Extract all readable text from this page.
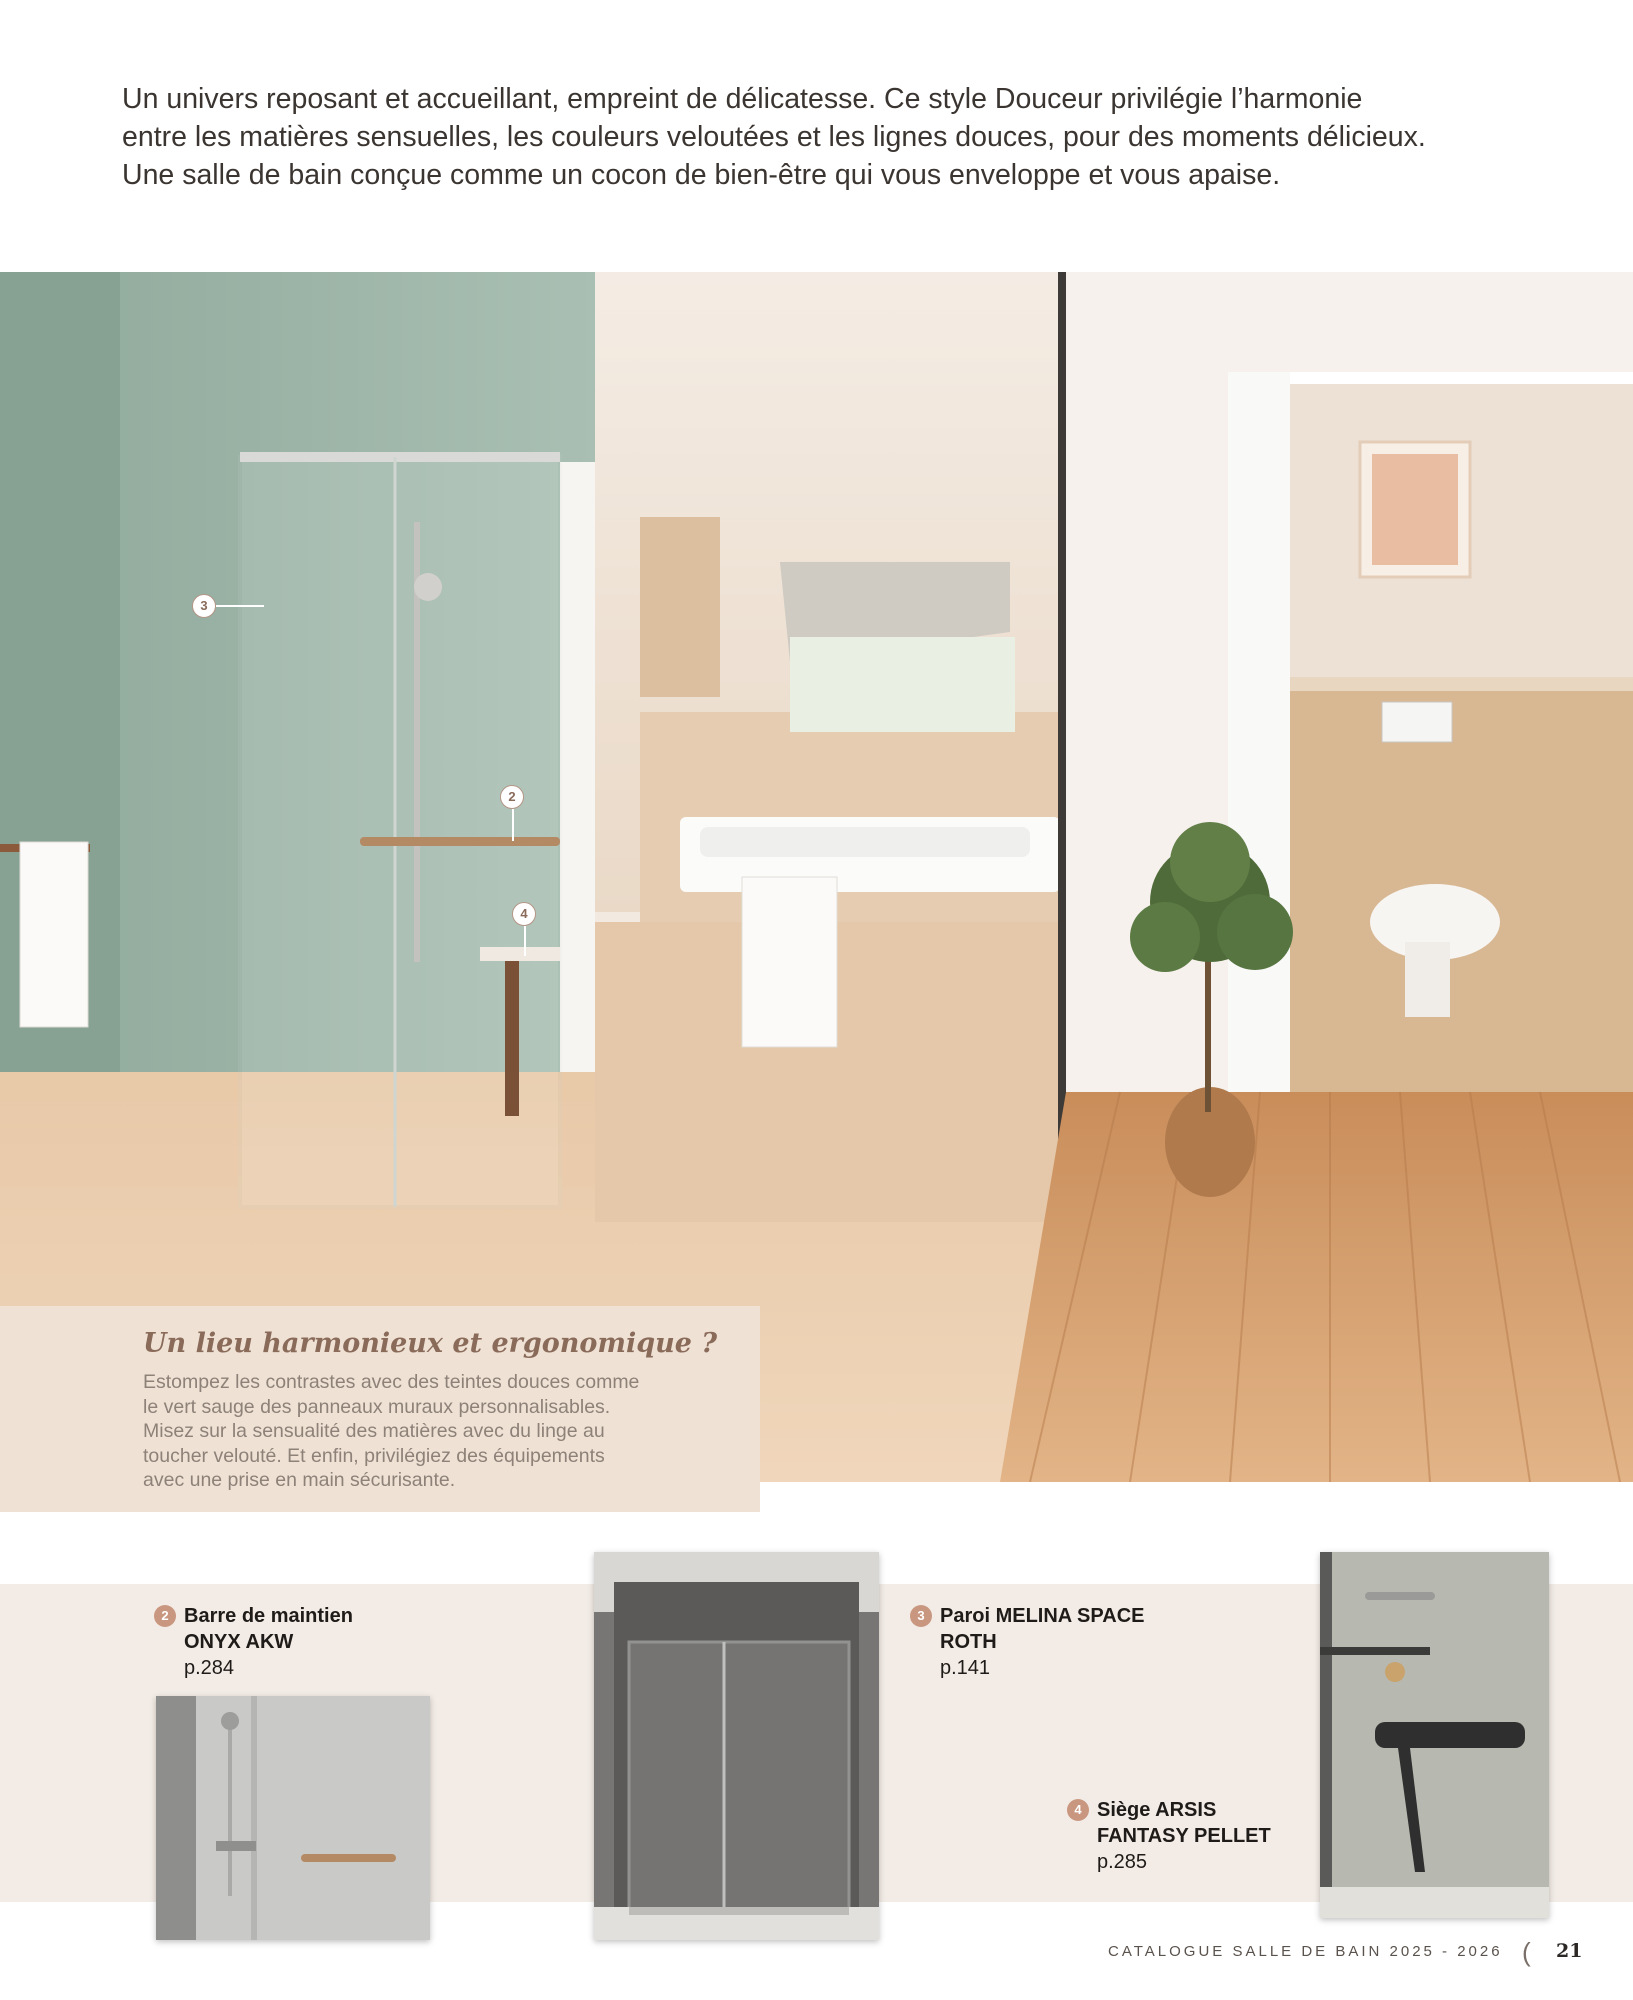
Un univers reposant et accueillant, empreint de délicatesse. Ce style Douceur privilégie l’harmonie

entre les matières sensuelles, les couleurs veloutées et les lignes douces, pour des moments délicieux.

Une salle de bain conçue comme un cocon de bien-être qui vous enveloppe et vous apaise.

3
2
4
Un lieu harmonieux et ergonomique ?
Estompez les contrastes avec des teintes douces comme
le vert sauge des panneaux muraux personnalisables.
Misez sur la sensualité des matières avec du linge au
toucher velouté. Et enfin, privilégiez des équipements
avec une prise en main sécurisante.
2 Barre de maintien
ONYX AKW
p.284
3 Paroi MELINA SPACE
ROTH
p.141
4 Siège ARSIS
FANTASY PELLET
p.285
CATALOGUE SALLE DE BAIN 2025 - 2026 ( 21
